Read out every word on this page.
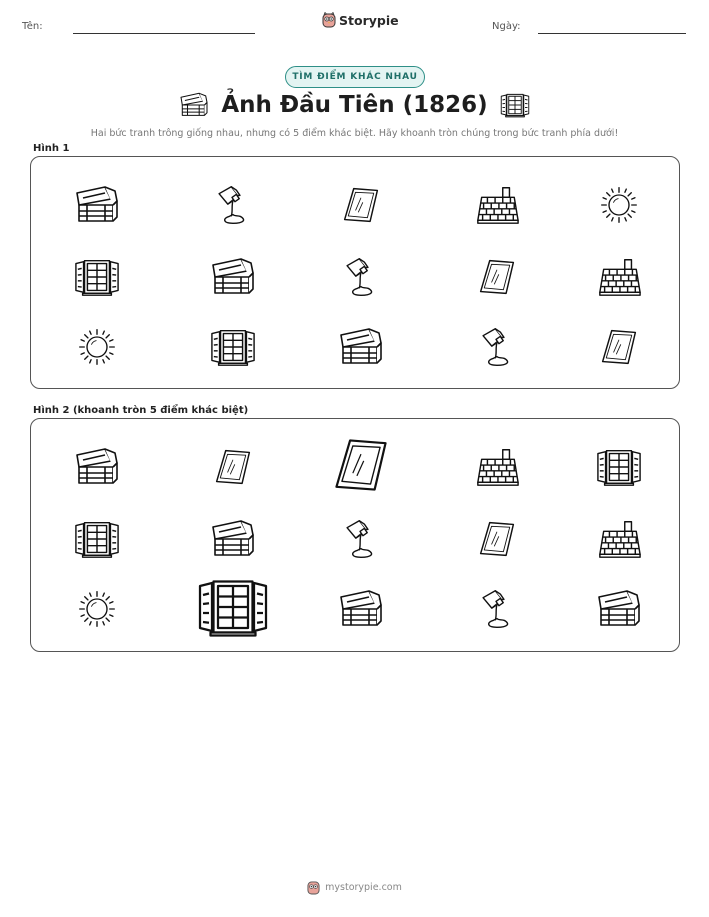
Tên:	Storypie	Ngày:
TÌM ĐIỂM KHÁC NHAU
Ảnh Đầu Tiên (1826)
Hai bức tranh trông giống nhau, nhưng có 5 điểm khác biệt. Hãy khoanh tròn chúng trong bức tranh phía dưới!
Hình 1
Hình 2 (khoanh tròn 5 điểm khác biệt)
mystorypie.com
